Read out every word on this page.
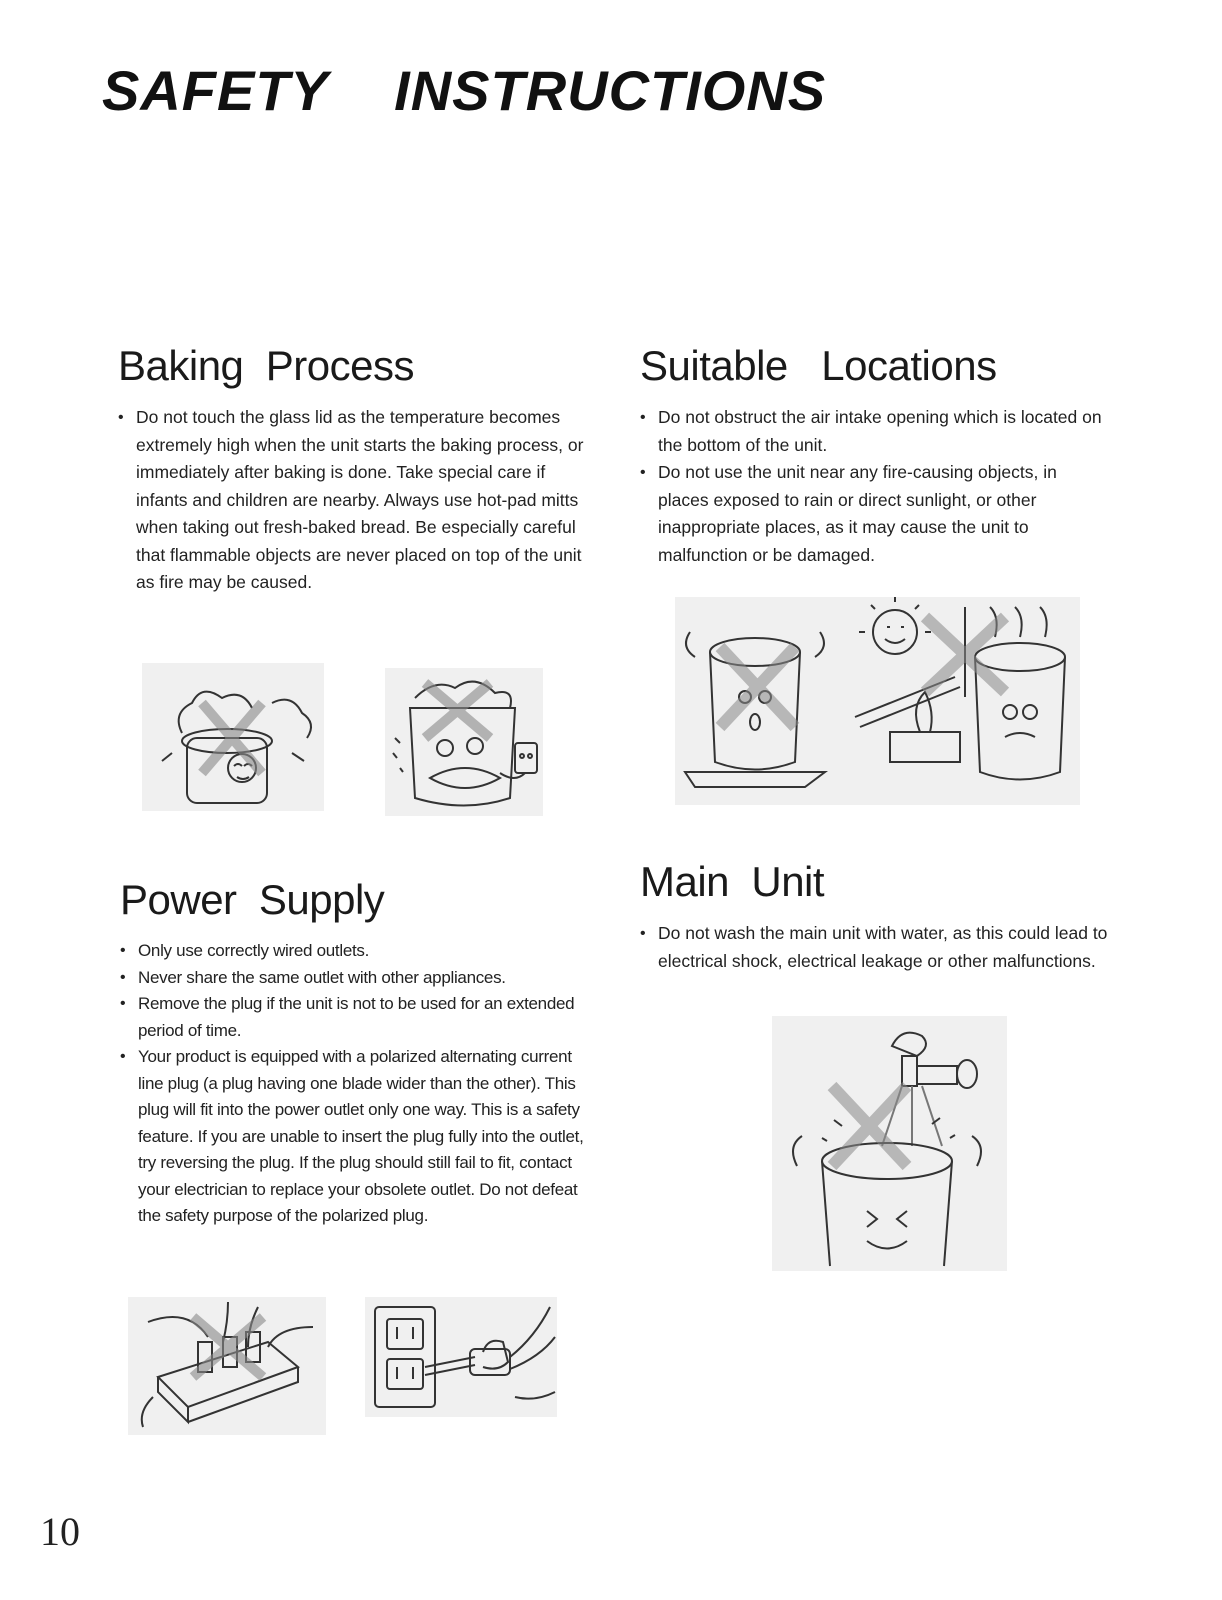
SAFETY    INSTRUCTIONS
Baking  Process
• Do not touch the glass lid as the temperature becomes extremely high when the unit starts the baking process, or immediately after baking is done. Take special care if infants and children are nearby. Always use hot-pad mitts when taking out fresh-baked bread. Be especially careful that flammable objects are never placed on top of the unit as fire may be caused.
Suitable   Locations
• Do not obstruct the air intake opening which is located on the bottom of the unit.
• Do not use the unit near any fire-causing objects, in places exposed to rain or direct sunlight, or other inappropriate places, as it may cause the unit to malfunction or be damaged.
Power  Supply
• Only use correctly wired outlets.
• Never share the same outlet with other appliances.
• Remove the plug if the unit is not to be used for an extended period of time.
• Your product is equipped with a polarized alternating current line plug (a plug having one blade wider than the other). This plug will fit into the power outlet only one way. This is a safety feature. If you are unable to insert the plug fully into the outlet, try reversing the plug. If the plug should still fail to fit, contact your electrician to replace your obsolete outlet. Do not defeat the safety purpose of the polarized plug.
Main  Unit
• Do not wash the main unit with water, as this could lead to electrical shock, electrical leakage or other malfunctions.
10
